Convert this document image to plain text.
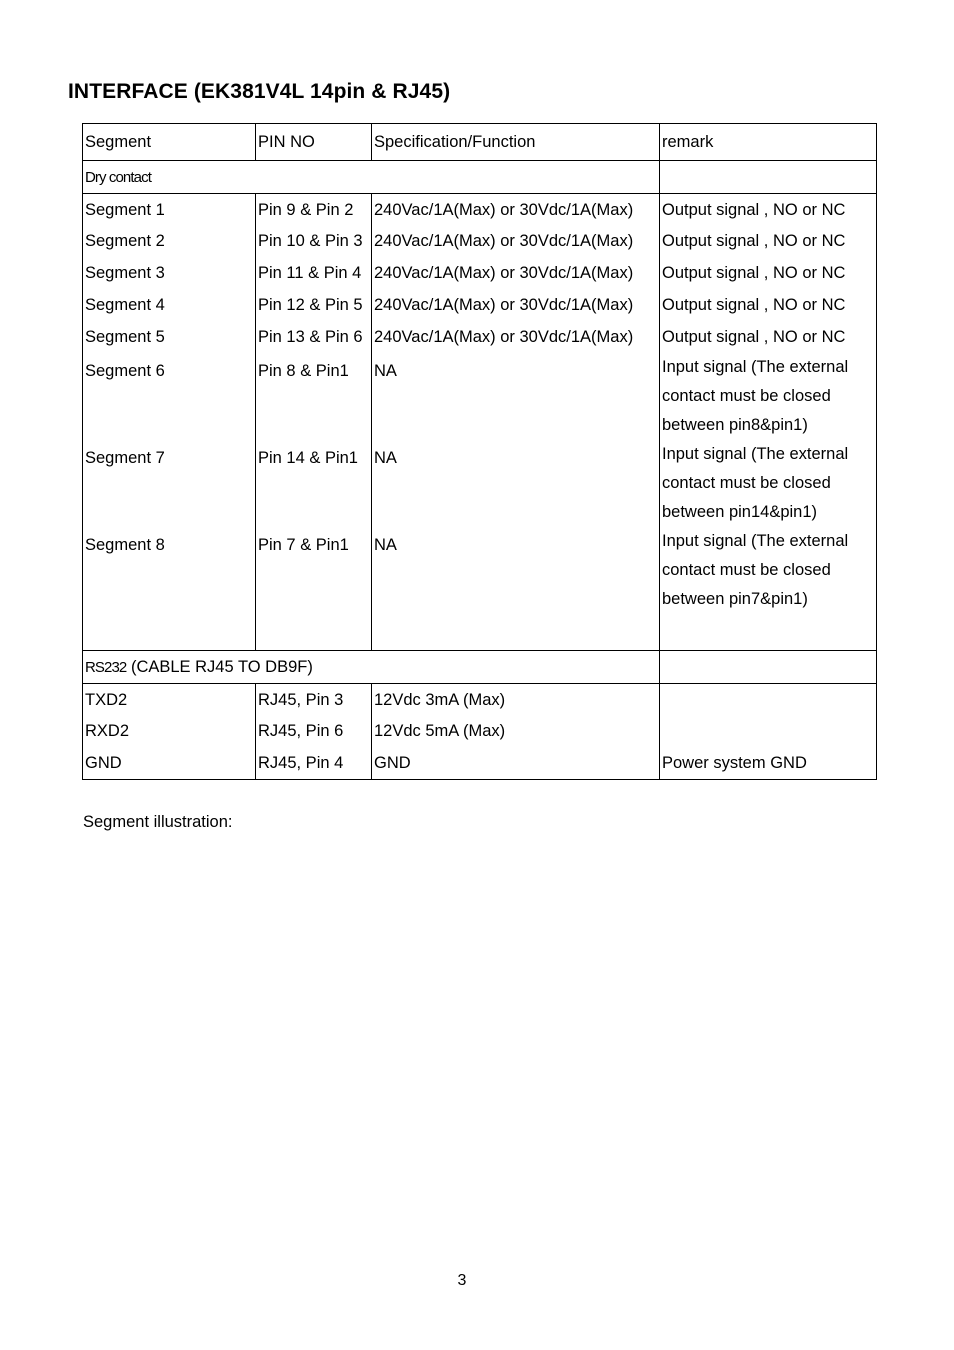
INTERFACE (EK381V4L 14pin & RJ45)
Segment	PIN NO	Specification/Function	remark
Dry contact			
Segment 1	Pin 9 & Pin 2	240Vac/1A(Max) or 30Vdc/1A(Max)	Output signal , NO or NC
Segment 2	Pin 10 & Pin 3	240Vac/1A(Max) or 30Vdc/1A(Max)	Output signal , NO or NC
Segment 3	Pin 11 & Pin 4	240Vac/1A(Max) or 30Vdc/1A(Max)	Output signal , NO or NC
Segment 4	Pin 12 & Pin 5	240Vac/1A(Max) or 30Vdc/1A(Max)	Output signal , NO or NC
Segment 5	Pin 13 & Pin 6	240Vac/1A(Max) or 30Vdc/1A(Max)	Output signal , NO or NC

Segment 6	Pin 8 & Pin1	NA	Input signal (The external
contact must be closed
between pin8&pin1)

Segment 7	Pin 14 & Pin1	NA	Input signal (The external
contact must be closed
between pin14&pin1)

Segment 8	Pin 7 & Pin1	NA	Input signal (The external
contact must be closed
between pin7&pin1)

RS232 (CABLE RJ45 TO DB9F)			
TXD2	RJ45, Pin 3	12Vdc 3mA (Max)	
RXD2	RJ45, Pin 6	12Vdc 5mA (Max)	
GND	RJ45, Pin 4	GND	Power system GND
Segment illustration:
3
